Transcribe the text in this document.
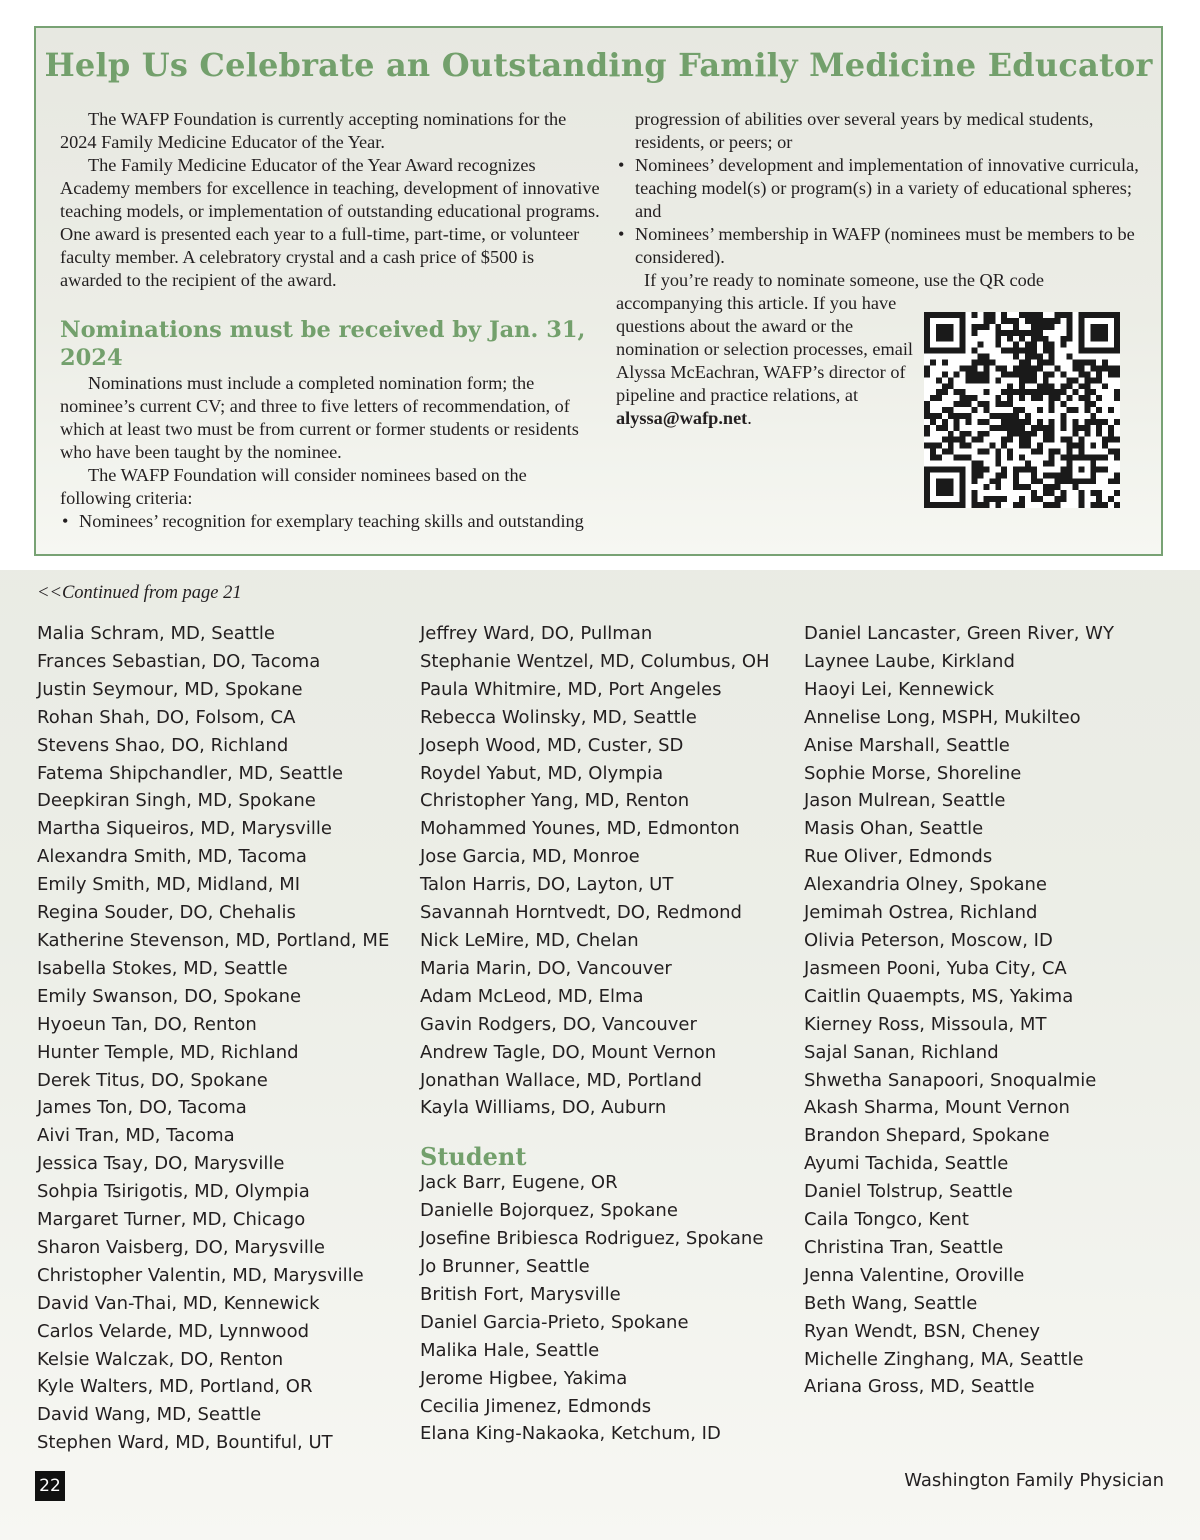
Help Us Celebrate an Outstanding Family Medicine Educator

The WAFP Foundation is currently accepting nominations for the 2024 Family Medicine Educator of the Year.

The Family Medicine Educator of the Year Award recognizes Academy members for excellence in teaching, development of innovative teaching models, or implementation of outstanding educational programs. One award is presented each year to a full-time, part-time, or volunteer faculty member. A celebratory crystal and a cash price of $500 is awarded to the recipient of the award.

Nominations must be received by Jan. 31, 2024

Nominations must include a completed nomination form; the nominee’s current CV; and three to five letters of recommendation, of which at least two must be from current or former students or residents who have been taught by the nominee.

The WAFP Foundation will consider nominees based on the following criteria:

• Nominees’ recognition for exemplary teaching skills and outstanding

progression of abilities over several years by medical students, residents, or peers; or

• Nominees’ development and implementation of innovative curricula, teaching model(s) or program(s) in a variety of educational spheres; and
• Nominees’ membership in WAFP (nominees must be members to be considered).

If you’re ready to nominate someone, use the QR code

accompanying this article. If you have questions about the award or the nomination or selection processes, email Alyssa McEachran, WAFP’s director of pipeline and practice relations, at alyssa@wafp.net.

<<Continued from page 21
Malia Schram, MD, Seattle
Frances Sebastian, DO, Tacoma
Justin Seymour, MD, Spokane
Rohan Shah, DO, Folsom, CA
Stevens Shao, DO, Richland
Fatema Shipchandler, MD, Seattle
Deepkiran Singh, MD, Spokane
Martha Siqueiros, MD, Marysville
Alexandra Smith, MD, Tacoma
Emily Smith, MD, Midland, MI
Regina Souder, DO, Chehalis
Katherine Stevenson, MD, Portland, ME
Isabella Stokes, MD, Seattle
Emily Swanson, DO, Spokane
Hyoeun Tan, DO, Renton
Hunter Temple, MD, Richland
Derek Titus, DO, Spokane
James Ton, DO, Tacoma
Aivi Tran, MD, Tacoma
Jessica Tsay, DO, Marysville
Sohpia Tsirigotis, MD, Olympia
Margaret Turner, MD, Chicago
Sharon Vaisberg, DO, Marysville
Christopher Valentin, MD, Marysville
David Van-Thai, MD, Kennewick
Carlos Velarde, MD, Lynnwood
Kelsie Walczak, DO, Renton
Kyle Walters, MD, Portland, OR
David Wang, MD, Seattle
Stephen Ward, MD, Bountiful, UT
Jeffrey Ward, DO, Pullman
Stephanie Wentzel, MD, Columbus, OH
Paula Whitmire, MD, Port Angeles
Rebecca Wolinsky, MD, Seattle
Joseph Wood, MD, Custer, SD
Roydel Yabut, MD, Olympia
Christopher Yang, MD, Renton
Mohammed Younes, MD, Edmonton
Jose Garcia, MD, Monroe
Talon Harris, DO, Layton, UT
Savannah Horntvedt, DO, Redmond
Nick LeMire, MD, Chelan
Maria Marin, DO, Vancouver
Adam McLeod, MD, Elma
Gavin Rodgers, DO, Vancouver
Andrew Tagle, DO, Mount Vernon
Jonathan Wallace, MD, Portland
Kayla Williams, DO, Auburn
Student
Jack Barr, Eugene, OR
Danielle Bojorquez, Spokane
Josefine Bribiesca Rodriguez, Spokane
Jo Brunner, Seattle
British Fort, Marysville
Daniel Garcia-Prieto, Spokane
Malika Hale, Seattle
Jerome Higbee, Yakima
Cecilia Jimenez, Edmonds
Elana King-Nakaoka, Ketchum, ID
Daniel Lancaster, Green River, WY
Laynee Laube, Kirkland
Haoyi Lei, Kennewick
Annelise Long, MSPH, Mukilteo
Anise Marshall, Seattle
Sophie Morse, Shoreline
Jason Mulrean, Seattle
Masis Ohan, Seattle
Rue Oliver, Edmonds
Alexandria Olney, Spokane
Jemimah Ostrea, Richland
Olivia Peterson, Moscow, ID
Jasmeen Pooni, Yuba City, CA
Caitlin Quaempts, MS, Yakima
Kierney Ross, Missoula, MT
Sajal Sanan, Richland
Shwetha Sanapoori, Snoqualmie
Akash Sharma, Mount Vernon
Brandon Shepard, Spokane
Ayumi Tachida, Seattle
Daniel Tolstrup, Seattle
Caila Tongco, Kent
Christina Tran, Seattle
Jenna Valentine, Oroville
Beth Wang, Seattle
Ryan Wendt, BSN, Cheney
Michelle Zinghang, MA, Seattle
Ariana Gross, MD, Seattle
22	Washington Family Physician
